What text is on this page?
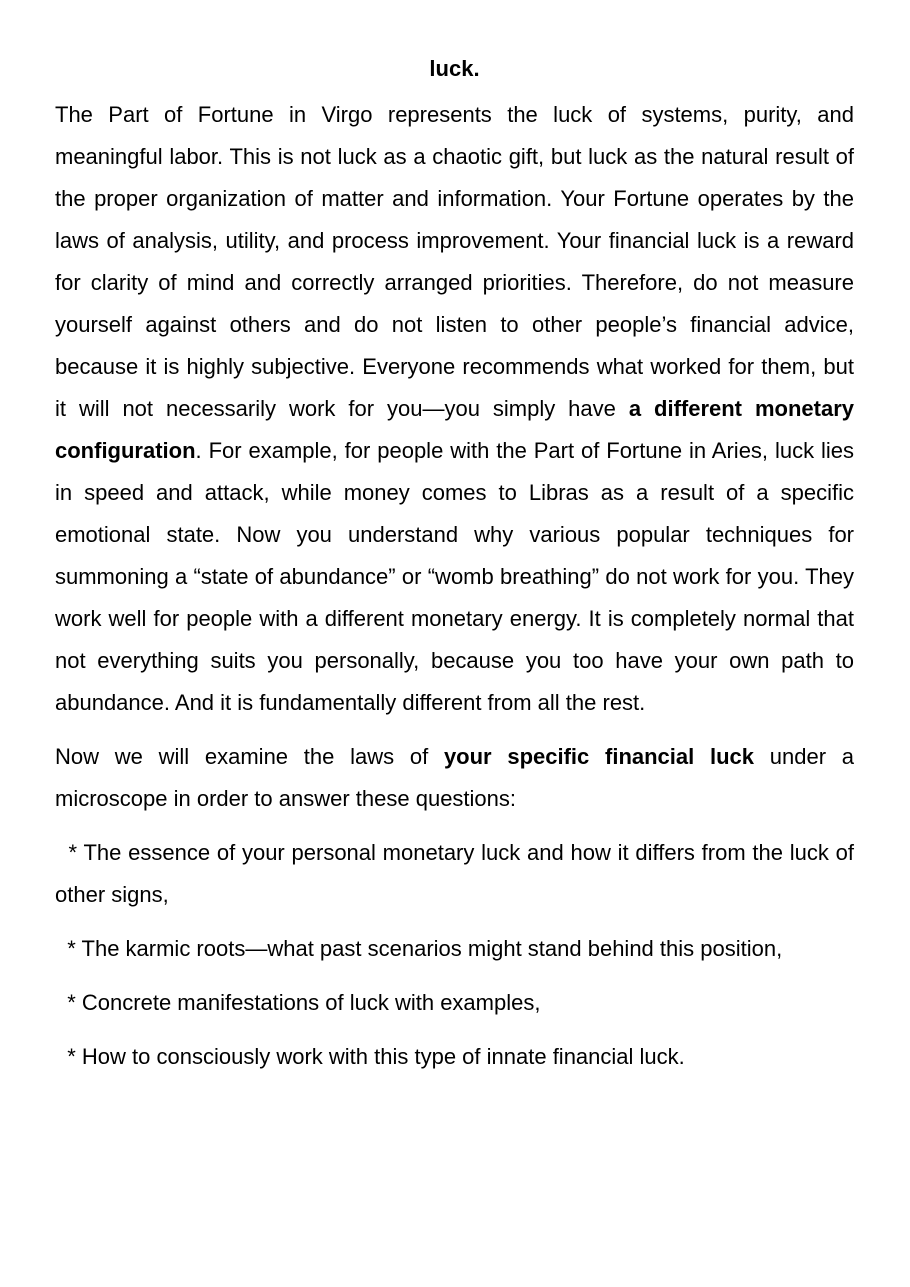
luck.

The Part of Fortune in Virgo represents the luck of systems, purity, and meaningful labor. This is not luck as a chaotic gift, but luck as the natural result of the proper organization of matter and information. Your Fortune operates by the laws of analysis, utility, and process improvement. Your financial luck is a reward for clarity of mind and correctly arranged priorities. Therefore, do not measure yourself against others and do not listen to other people’s financial advice, because it is highly subjective. Everyone recommends what worked for them, but it will not necessarily work for you—you simply have a different monetary configuration. For example, for people with the Part of Fortune in Aries, luck lies in speed and attack, while money comes to Libras as a result of a specific emotional state. Now you understand why various popular techniques for summoning a “state of abundance” or “womb breathing” do not work for you. They work well for people with a different monetary energy. It is completely normal that not everything suits you personally, because you too have your own path to abundance. And it is fundamentally different from all the rest.

Now we will examine the laws of your specific financial luck under a microscope in order to answer these questions:

* The essence of your personal monetary luck and how it differs from the luck of other signs,

* The karmic roots—what past scenarios might stand behind this position,

* Concrete manifestations of luck with examples,

* How to consciously work with this type of innate financial luck.
